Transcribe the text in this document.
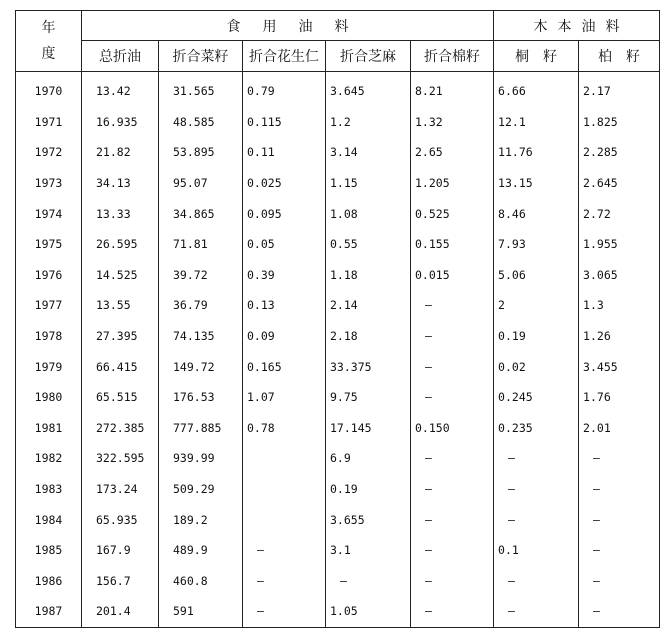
年
度	食用油料					木本油料	
	总折油	折合菜籽	折合花生仁	折合芝麻	折合棉籽	桐　籽	柏　籽
1970	13.42	31.565	0.79	3.645	8.21	6.66	2.17
1971	16.935	48.585	0.115	1.2	1.32	12.1	1.825
1972	21.82	53.895	0.11	3.14	2.65	11.76	2.285
1973	34.13	95.07	0.025	1.15	1.205	13.15	2.645
1974	13.33	34.865	0.095	1.08	0.525	8.46	2.72
1975	26.595	71.81	0.05	0.55	0.155	7.93	1.955
1976	14.525	39.72	0.39	1.18	0.015	5.06	3.065
1977	13.55	36.79	0.13	2.14	—	2	1.3
1978	27.395	74.135	0.09	2.18	—	0.19	1.26
1979	66.415	149.72	0.165	33.375	—	0.02	3.455
1980	65.515	176.53	1.07	9.75	—	0.245	1.76
1981	272.385	777.885	0.78	17.145	0.150	0.235	2.01
1982	322.595	939.99		6.9	—	—	—
1983	173.24	509.29		0.19	—	—	—
1984	65.935	189.2		3.655	—	—	—
1985	167.9	489.9	—	3.1	—	0.1	—
1986	156.7	460.8	—	—	—	—	—
1987	201.4	591	—	1.05	—	—	—
